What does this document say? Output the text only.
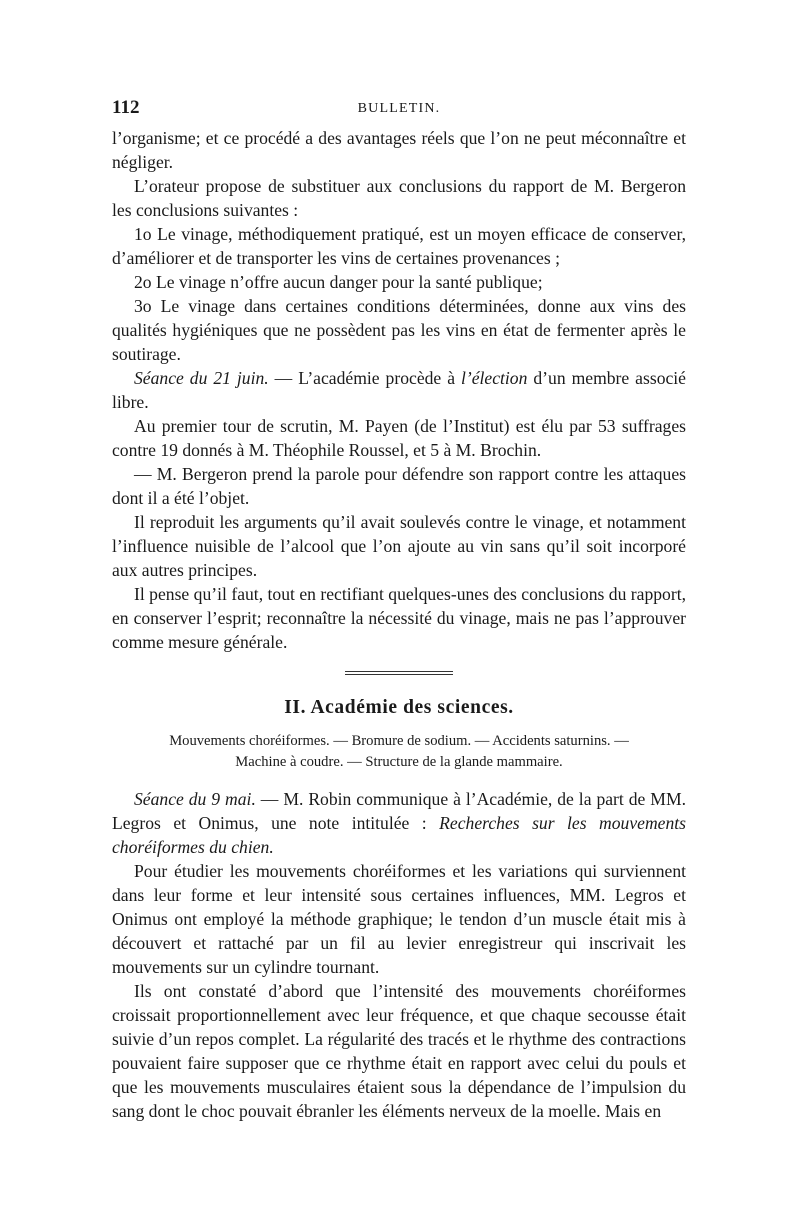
112	BULLETIN.

l’organisme; et ce procédé a des avantages réels que l’on ne peut méconnaître et négliger.

L’orateur propose de substituer aux conclusions du rapport de M. Bergeron les conclusions suivantes :

1o Le vinage, méthodiquement pratiqué, est un moyen efficace de conserver, d’améliorer et de transporter les vins de certaines provenances ;

2o Le vinage n’offre aucun danger pour la santé publique;

3o Le vinage dans certaines conditions déterminées, donne aux vins des qualités hygiéniques que ne possèdent pas les vins en état de fermenter après le soutirage.

Séance du 21 juin. — L’académie procède à l’élection d’un membre associé libre.

Au premier tour de scrutin, M. Payen (de l’Institut) est élu par 53 suffrages contre 19 donnés à M. Théophile Roussel, et 5 à M. Brochin.

— M. Bergeron prend la parole pour défendre son rapport contre les attaques dont il a été l’objet.

Il reproduit les arguments qu’il avait soulevés contre le vinage, et notamment l’influence nuisible de l’alcool que l’on ajoute au vin sans qu’il soit incorporé aux autres principes.

Il pense qu’il faut, tout en rectifiant quelques-unes des conclusions du rapport, en conserver l’esprit; reconnaître la nécessité du vinage, mais ne pas l’approuver comme mesure générale.

II. Académie des sciences.
Mouvements choréiformes. — Bromure de sodium. — Accidents saturnins. —
Machine à coudre. — Structure de la glande mammaire.

Séance du 9 mai. — M. Robin communique à l’Académie, de la part de MM. Legros et Onimus, une note intitulée : Recherches sur les mouvements choréiformes du chien.

Pour étudier les mouvements choréiformes et les variations qui surviennent dans leur forme et leur intensité sous certaines influences, MM. Legros et Onimus ont employé la méthode graphique; le tendon d’un muscle était mis à découvert et rattaché par un fil au levier enregistreur qui inscrivait les mouvements sur un cylindre tournant.

Ils ont constaté d’abord que l’intensité des mouvements choréiformes croissait proportionnellement avec leur fréquence, et que chaque secousse était suivie d’un repos complet. La régularité des tracés et le rhythme des contractions pouvaient faire supposer que ce rhythme était en rapport avec celui du pouls et que les mouvements musculaires étaient sous la dépendance de l’impulsion du sang dont le choc pouvait ébranler les éléments nerveux de la moelle. Mais en
